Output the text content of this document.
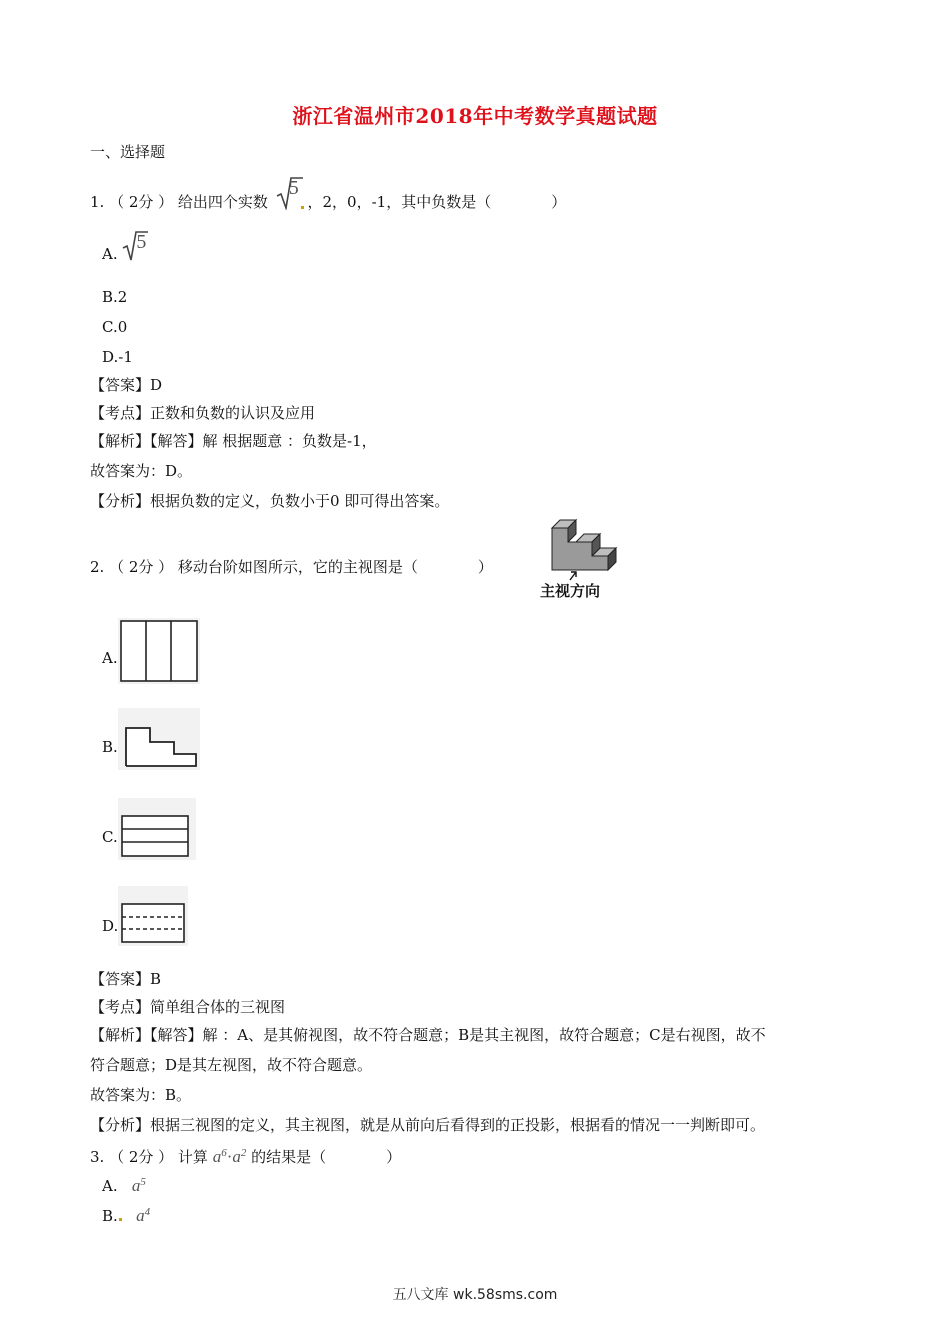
浙江省温州市2018年中考数学真题试题
一、选择题
1. （ 2分 ） 给出四个实数
5
，2，0，-1，其中负数是（　　　　）
A.
5
B.2
C.0
D.-1
【答案】D
【考点】正数和负数的认识及应用
【解析】【解答】解 根据题意 ：负数是-1，
故答案为：D。
【分析】根据负数的定义，负数小于0 即可得出答案。
2. （ 2分 ） 移动台阶如图所示，它的主视图是（　　　　）
主视方向
A.
B.
C.
D.
【答案】B
【考点】简单组合体的三视图
【解析】【解答】解 ：A、是其俯视图，故不符合题意；B是其主视图，故符合题意；C是右视图，故不
符合题意；D是其左视图，故不符合题意。
故答案为：B。
【分析】根据三视图的定义，其主视图，就是从前向后看得到的正投影，根据看的情况一一判断即可。
3. （ 2分 ） 计算 $a^6\cdot a^2$ 的结果是（　　　　）
A. $a^5$
B. $a^4$
五八文库 wk.58sms.com
